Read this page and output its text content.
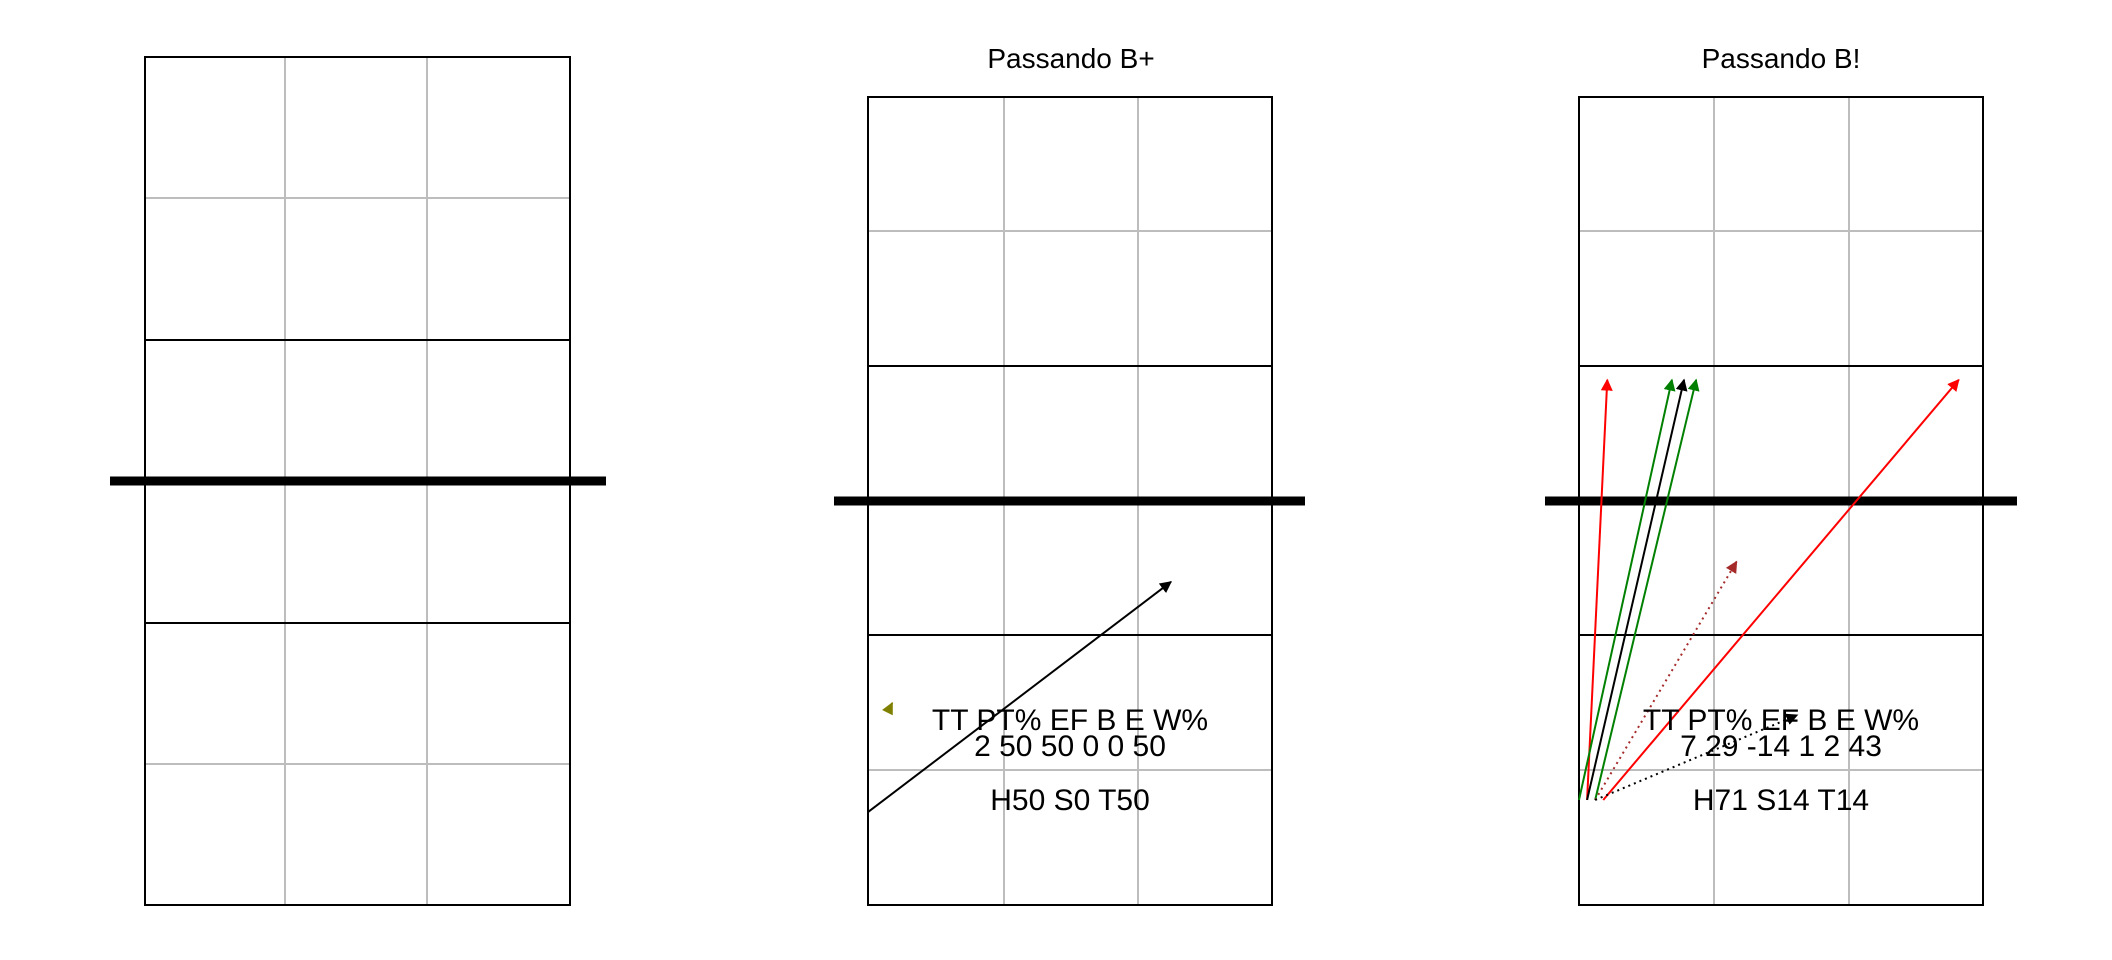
Passando B+
TT PT% EF B E W%
2 50 50 0 0 50
H50 S0 T50
Passando B!
TT PT% EF B E W%
7 29 -14 1 2 43
H71 S14 T14
